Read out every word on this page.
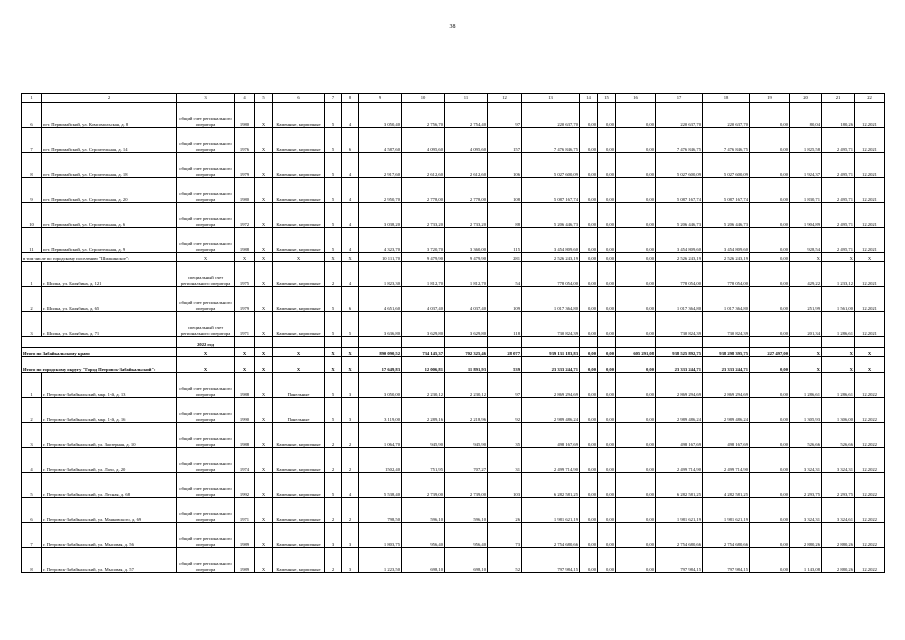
38
1	2	3	4	5	6	7	8	9	10	11	12	13	14	15	16	17	18	19	20	21	22
6	пгт. Первомайский, ул. Комсомольская, д. 8	общий счет регионального оператора	1980	X	Каменные, кирпичные	5	4	3 050,40	2 756,70	2 754,40	97	220 637,70	0,00	0,00	0,00	220 637,70	220 637,70	0,00	80,04	180,26	12.2021
7	пгт. Первомайский, ул. Строительная, д. 14	общий счет регионального оператора	1976	X	Каменные, кирпичные	5	6	4 587,60	4 095,60	4 095,60	157	7 476 846,75	0,00	0,00	0,00	7 476 846,75	7 476 846,75	0,00	1 825,58	2 495,71	12.2021
8	пгт. Первомайский, ул. Строительная, д. 18	общий счет регионального оператора	1979	X	Каменные, кирпичные	5	4	2 917,60	2 612,60	2 612,60	106	5 027 600,09	0,00	0,00	0,00	5 027 600,09	5 027 600,09	0,00	1 924,37	2 495,71	12.2021
9	пгт. Первомайский, ул. Строительная, д. 20	общий счет регионального оператора	1980	X	Каменные, кирпичные	5	4	2 950,70	2 778,00	2 778,00	108	5 087 167,74	0,00	0,00	0,00	5 087 167,74	5 087 167,74	0,00	1 830,71	2 495,71	12.2021
10	пгт. Первомайский, ул. Строительная, д. 6	общий счет регионального оператора	1972	X	Каменные, кирпичные	5	4	3 038,20	2 733,20	2 733,20	88	5 206 446,73	0,00	0,00	0,00	5 206 446,73	5 206 446,73	0,00	1 904,89	2 495,71	12.2021
11	пгт. Первомайский, ул. Строительная, д. 9	общий счет регионального оператора	1988	X	Каменные, кирпичные	5	4	4 323,70	3 720,70	3 360,00	115	3 454 809,60	0,00	0,00	0,00	3 454 809,60	3 454 809,60	0,00	928,54	2 495,71	12.2021
в том числе по городскому поселению "Шилкинское":		X	X	X	X	X	X	10 111,70	9 479,90	9 479,90	281	2 526 243,19	0,00	0,00	0,00	2 526 243,19	2 526 243,19	0,00	X	X	X
1	г. Шилка, ул. Балябина, д. 121	специальный счет регионального оператора	1975	X	Каменные, кирпичные	2	4	1 823,30	1 812,70	1 812,70	54	778 054,00	0,00	0,00	0,00	778 054,00	778 054,00	0,00	429,22	1 233,12	12.2021
2	г. Шилка, ул. Балябина, д. 65	общий счет регионального оператора	1979	X	Каменные, кирпичные	5	6	4 651,60	4 037,40	4 037,40	109	1 017 364,80	0,00	0,00	0,00	1 017 364,80	1 017 364,80	0,00	251,99	1 561,00	12.2021
3	г. Шилка, ул. Балябина, д. 71	специальный счет регионального оператора	1971	X	Каменные, кирпичные	5	5	3 636,80	3 629,80	3 629,80	118	730 824,39	0,00	0,00	0,00	730 824,39	730 824,39	0,00	201,34	1 286,61	12.2021
		2022 год																			
Итого по Забайкальскому краю:		X	X	X	X	X	X	890 090,52	734 145,37	702 325,46	28 077	939 131 183,83	0,00	0,00	605 291,08	938 525 892,75	938 298 395,75	227 497,00	X	X	X
Итого по городскому округу "Город Петровск-Забайкальский":		X	X	X	X	X	X	17 649,83	12 006,81	11 891,93	539	23 333 244,71	0,00	0,00	0,00	23 333 244,71	23 333 244,71	0,00	X	X	X
1	г. Петровск-Забайкальский, мкр. 1-й, д. 13	общий счет регионального оператора	1988	X	Панельные	5	3	3 050,00	2 230,12	2 230,12	97	2 869 294,69	0,00	0,00	0,00	2 869 294,69	2 869 294,69	0,00	1 286,61	1 286,61	12.2022
2	г. Петровск-Забайкальский, мкр. 1-й, д. 16	общий счет регионального оператора	1990	X	Панельные	5	3	3 119,00	2 289,16	2 218,96	92	2 989 486,24	0,00	0,00	0,00	2 989 486,24	2 989 486,24	0,00	1 305,93	1 306,00	12.2022
3	г. Петровск-Забайкальский, ул. Заозерная, д. 10	общий счет регионального оператора	1988	X	Каменные, кирпичные	2	2	1 064,70	945,90	945,90	35	498 167,69	0,00	0,00	0,00	498 167,69	498 167,69	0,00	526,66	526,66	12.2022
4	г. Петровск-Забайкальский, ул. Лазо, д. 20	общий счет регионального оператора	1974	X	Каменные, кирпичные	2	2	1502,40	751,95	707,27	31	2 499 714,90	0,00	0,00	0,00	2 499 714,90	2 499 714,90	0,00	3 324,31	3 324,31	12.2022
5	г. Петровск-Забайкальский, ул. Лесная, д. 68	общий счет регионального оператора	1992	X	Каменные, кирпичные	5	4	5 538,40	2 739,00	2 739,00	103	6 282 581,25	0,00	0,00	0,00	6 282 581,25	4 282 581,25	0,00	2 293,75	2 293,75	12.2022
6	г. Петровск-Забайкальский, ул. Маяковского, д. 69	общий счет регионального оператора	1971	X	Каменные, кирпичные	2	2	798,50	596,10	596,10	26	1 981 621,19	0,00	0,00	0,00	1 981 621,19	1 981 621,19	0,00	3 324,31	3 324,61	12.2022
7	г. Петровск-Забайкальский, ул. Мысовая, д. 56	общий счет регионального оператора	1989	X	Каменные, кирпичные	3	3	1 803,75	956,40	956,40	73	2 754 680,66	0,00	0,00	0,00	2 754 680,66	2 754 680,66	0,00	2 880,26	2 880,26	12.2022
8	г. Петровск-Забайкальский, ул. Мысовая, д. 57	общий счет регионального оператора	1989	X	Каменные, кирпичные	2	3	1 223,50	698,10	698,10	52	797 984,15	0,00	0,00	0,00	797 984,15	797 984,15	0,00	1 143,08	2 880,26	12.2022
